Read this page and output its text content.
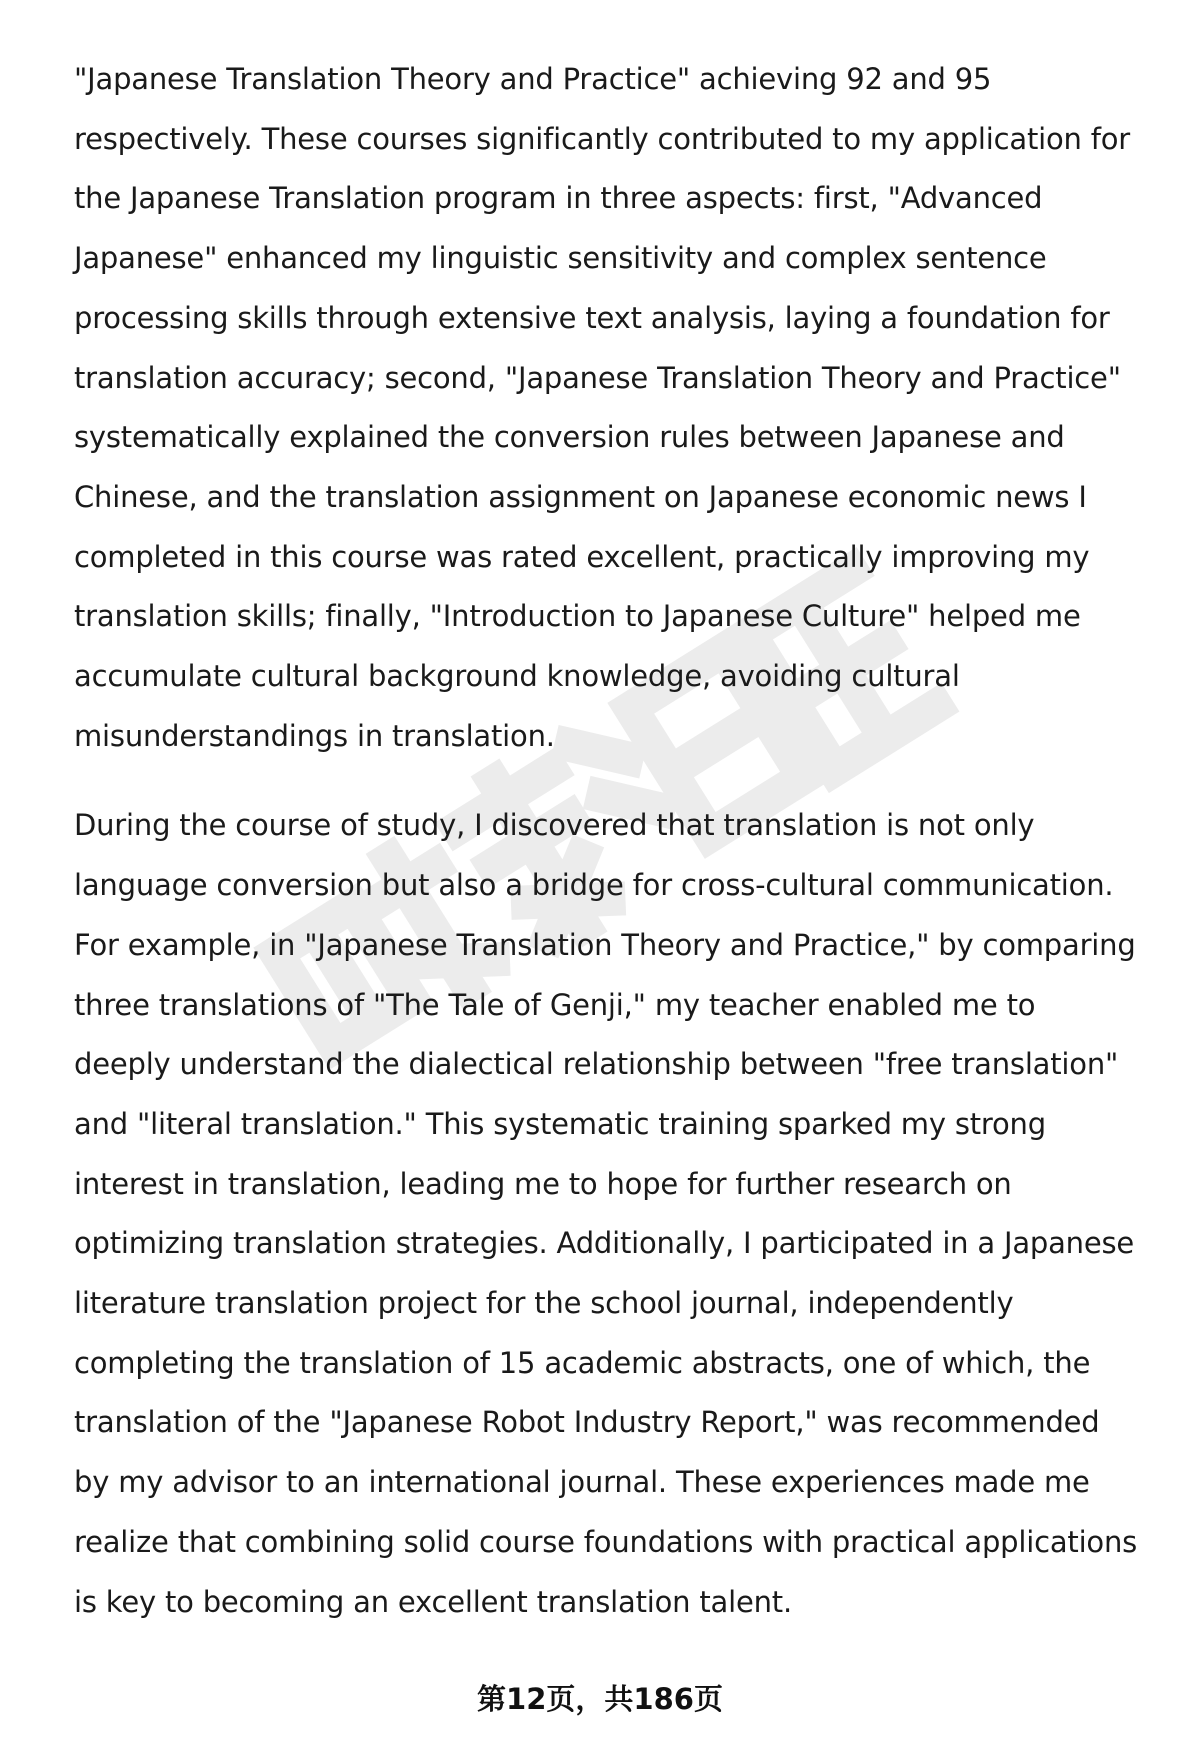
"Japanese Translation Theory and Practice" achieving 92 and 95 respectively. These courses significantly contributed to my application for the Japanese Translation program in three aspects: first, "Advanced Japanese" enhanced my linguistic sensitivity and complex sentence processing skills through extensive text analysis, laying a foundation for translation accuracy; second, "Japanese Translation Theory and Practice" systematically explained the conversion rules between Japanese and Chinese, and the translation assignment on Japanese economic news I completed in this course was rated excellent, practically improving my translation skills; finally, "Introduction to Japanese Culture" helped me accumulate cultural background knowledge, avoiding cultural misunderstandings in translation.

During the course of study, I discovered that translation is not only language conversion but also a bridge for cross-cultural communication. For example, in "Japanese Translation Theory and Practice," by comparing three translations of "The Tale of Genji," my teacher enabled me to deeply understand the dialectical relationship between "free translation" and "literal translation." This systematic training sparked my strong interest in translation, leading me to hope for further research on optimizing translation strategies. Additionally, I participated in a Japanese literature translation project for the school journal, independently completing the translation of 15 academic abstracts, one of which, the translation of the "Japanese Robot Industry Report," was recommended by my advisor to an international journal. These experiences made me realize that combining solid course foundations with practical applications is key to becoming an excellent translation talent.

第12页，共186页
